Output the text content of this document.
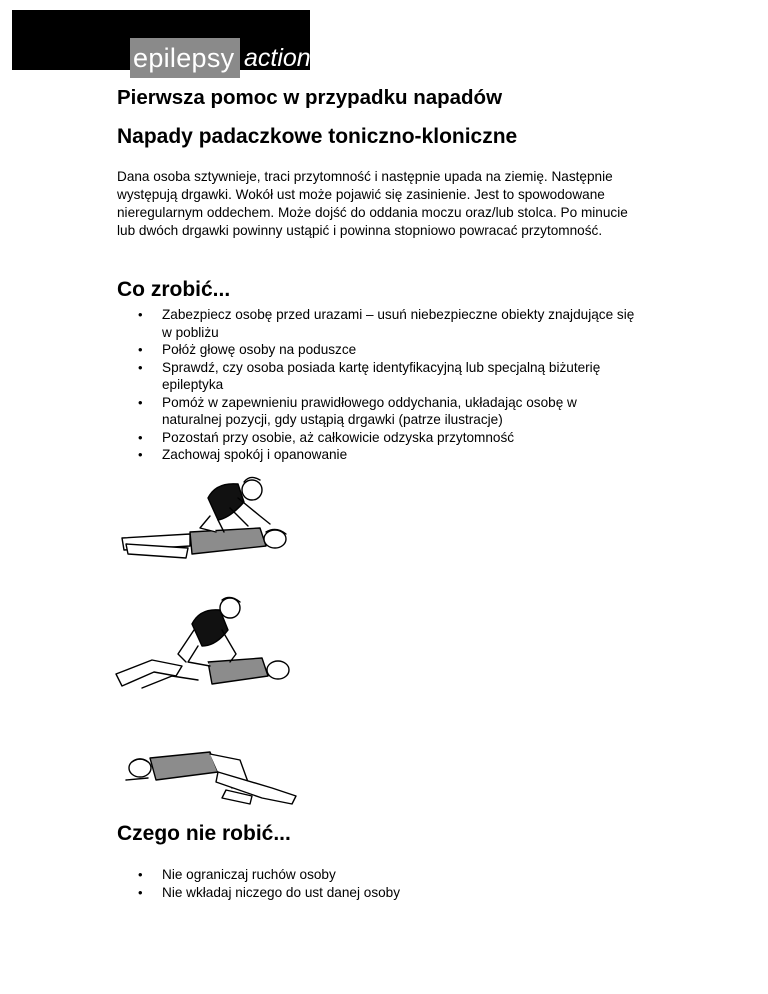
epilepsy action
Pierwsza pomoc w przypadku napadów
Napady padaczkowe toniczno-kloniczne

Dana osoba sztywnieje, traci przytomność i następnie upada na ziemię. Następnie występują drgawki. Wokół ust może pojawić się zasinienie. Jest to spowodowane nieregularnym oddechem. Może dojść do oddania moczu oraz/lub stolca. Po minucie lub dwóch drgawki powinny ustąpić i powinna stopniowo powracać przytomność.

Co zrobić...
• Zabezpiecz osobę przed urazami – usuń niebezpieczne obiekty znajdujące się w pobliżu
• Połóż głowę osoby na poduszce
• Sprawdź, czy osoba posiada kartę identyfikacyjną lub specjalną biżuterię epileptyka
• Pomóż w zapewnieniu prawidłowego oddychania, układając osobę w naturalnej pozycji, gdy ustąpią drgawki (patrze ilustracje)
• Pozostań przy osobie, aż całkowicie odzyska przytomność
• Zachowaj spokój i opanowanie
Czego nie robić...
• Nie ograniczaj ruchów osoby
• Nie wkładaj niczego do ust danej osoby
